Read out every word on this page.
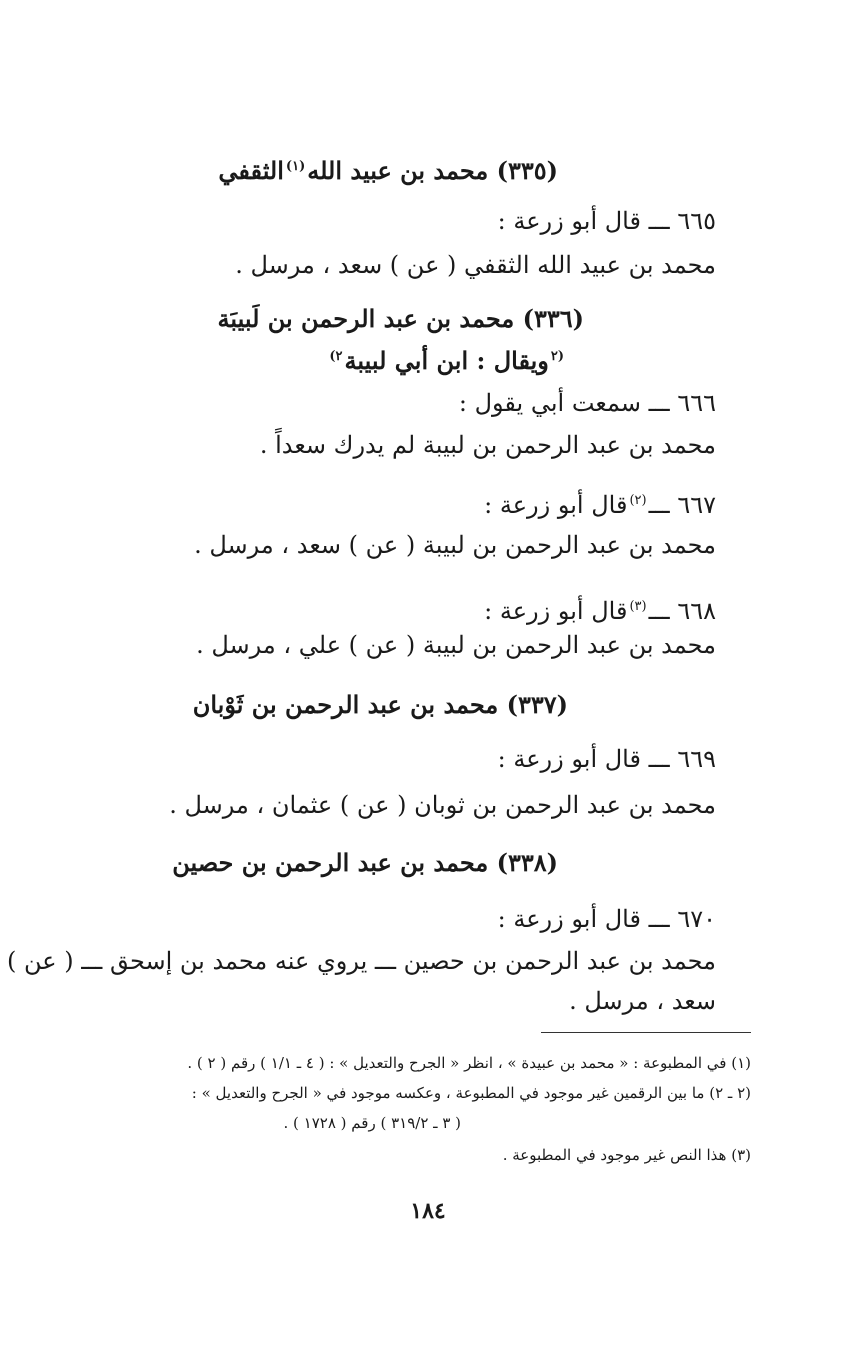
(٣٣٥) محمد بن عبيد الله$^{(١)}$الثقفي
٦٦٥ ـــ قال أبو زرعة :
محمد بن عبيد الله الثقفي ( عن ) سعد ، مرسل .
(٣٣٦) محمد بن عبد الرحمن بن لَبيبَة
$^{(٢}$ويقال : ابن أبي لبيبة$^{٢)}$
٦٦٦ ـــ سمعت أبي يقول :
محمد بن عبد الرحمن بن لبيبة لم يدرك سعداً .
٦٦٧ ـــ$^{(٢)}$قال أبو زرعة :
محمد بن عبد الرحمن بن لبيبة ( عن ) سعد ، مرسل .
٦٦٨ ـــ$^{(٣)}$قال أبو زرعة :
محمد بن عبد الرحمن بن لبيبة ( عن ) علي ، مرسل .
(٣٣٧) محمد بن عبد الرحمن بن ثَوْبان
٦٦٩ ـــ قال أبو زرعة :
محمد بن عبد الرحمن بن ثوبان ( عن ) عثمان ، مرسل .
(٣٣٨) محمد بن عبد الرحمن بن حصين
٦٧٠ ـــ قال أبو زرعة :
محمد بن عبد الرحمن بن حصين ـــ يروي عنه محمد بن إسحق ـــ ( عن )
سعد ، مرسل .
(١) في المطبوعة : « محمد بن عبيدة » ، انظر « الجرح والتعديل » : ( ٤ ـ ١/١ ) رقم ( ٢ ) .
(٢ ـ ٢) ما بين الرقمين غير موجود في المطبوعة ، وعكسه موجود في « الجرح والتعديل » :
( ٣ ـ ٣١٩/٢ ) رقم ( ١٧٢٨ ) .
(٣) هذا النص غير موجود في المطبوعة .
١٨٤
